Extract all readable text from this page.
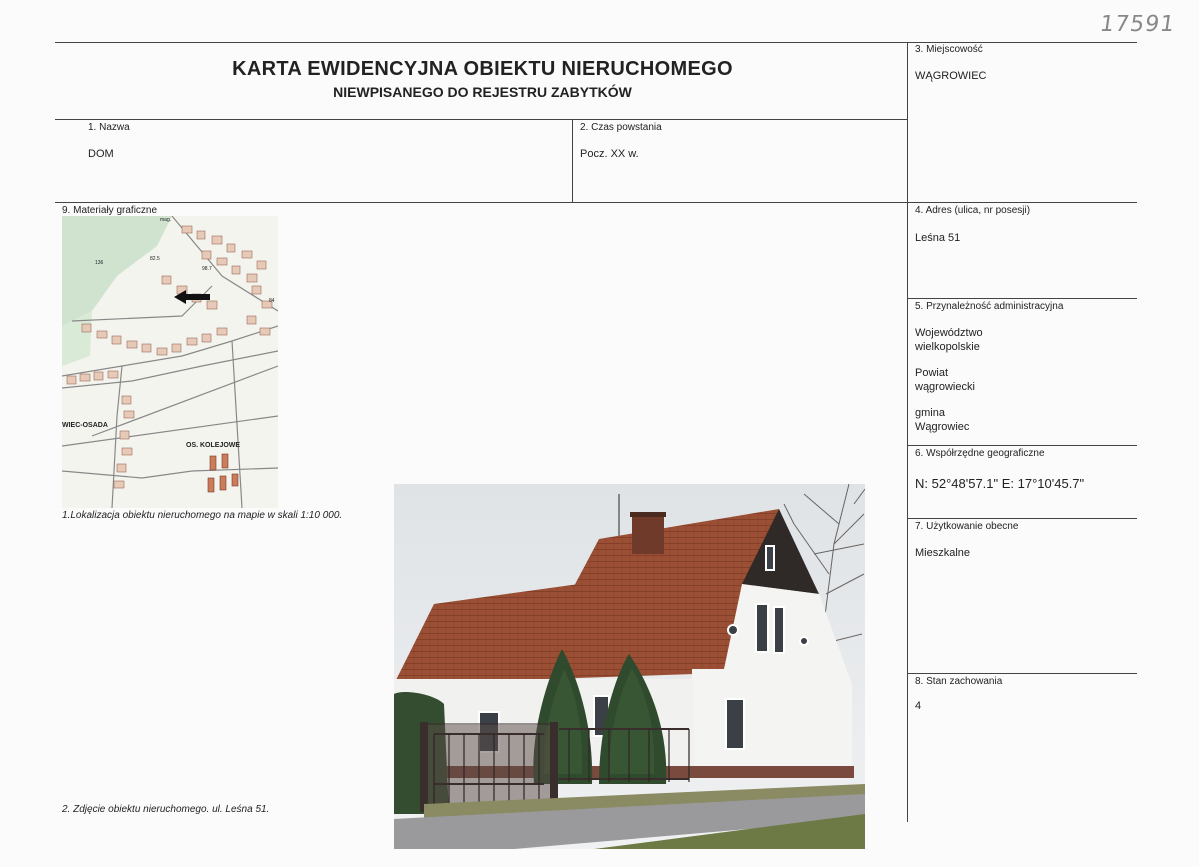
17591
KARTA EWIDENCYJNA OBIEKTU NIERUCHOMEGO
NIEWPISANEGO DO REJESTRU ZABYTKÓW
1. Nazwa
DOM
2. Czas powstania
Pocz. XX w.
3. Miejscowość
WĄGROWIEC
4. Adres (ulica, nr posesji)
Leśna 51
5. Przynależność administracyjna
Województwo
wielkopolskie
Powiat
wągrowiecki
gmina
Wągrowiec
6. Współrzędne geograficzne
N: 52°48'57.1" E: 17°10'45.7"
7. Użytkowanie obecne
Mieszkalne
8. Stan zachowania
4
9. Materiały graficzne
mag.
136
82.5
98.7
WIEC-OSADA
OS. KOLEJOWE
84
1.Lokalizacja obiektu nieruchomego na mapie w skali 1:10 000.
2. Zdjęcie obiektu nieruchomego. ul. Leśna 51.
